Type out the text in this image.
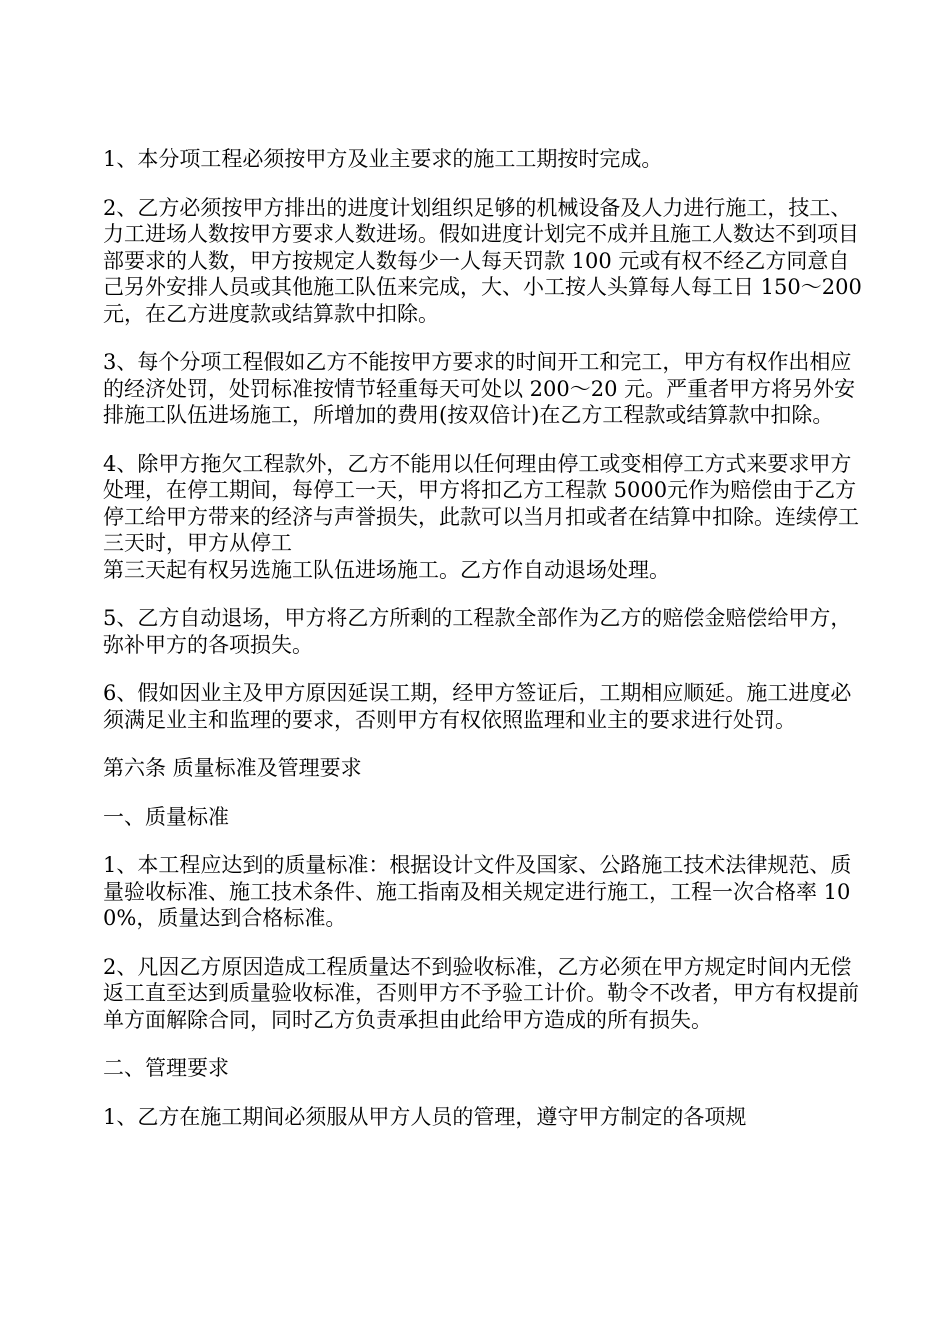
1、本分项工程必须按甲方及业主要求的施工工期按时完成。

2、乙方必须按甲方排出的进度计划组织足够的机械设备及人力进行施工，技工、力工进场人数按甲方要求人数进场。假如进度计划完不成并且施工人数达不到项目部要求的人数，甲方按规定人数每少一人每天罚款 100 元或有权不经乙方同意自己另外安排人员或其他施工队伍来完成，大、小工按人头算每人每工日 150～200 元，在乙方进度款或结算款中扣除。

3、每个分项工程假如乙方不能按甲方要求的时间开工和完工，甲方有权作出相应的经济处罚，处罚标准按情节轻重每天可处以 200～20 元。严重者甲方将另外安排施工队伍进场施工，所增加的费用(按双倍计)在乙方工程款或结算款中扣除。

4、除甲方拖欠工程款外，乙方不能用以任何理由停工或变相停工方式来要求甲方处理，在停工期间，每停工一天，甲方将扣乙方工程款 5000元作为赔偿由于乙方停工给甲方带来的经济与声誉损失，此款可以当月扣或者在结算中扣除。连续停工三天时，甲方从停工
第三天起有权另选施工队伍进场施工。乙方作自动退场处理。

5、乙方自动退场，甲方将乙方所剩的工程款全部作为乙方的赔偿金赔偿给甲方，弥补甲方的各项损失。

6、假如因业主及甲方原因延误工期，经甲方签证后，工期相应顺延。施工进度必须满足业主和监理的要求，否则甲方有权依照监理和业主的要求进行处罚。

第六条 质量标准及管理要求

一、质量标准

1、本工程应达到的质量标准：根据设计文件及国家、公路施工技术法律规范、质量验收标准、施工技术条件、施工指南及相关规定进行施工，工程一次合格率 100%，质量达到合格标准。

2、凡因乙方原因造成工程质量达不到验收标准，乙方必须在甲方规定时间内无偿返工直至达到质量验收标准，否则甲方不予验工计价。勒令不改者，甲方有权提前单方面解除合同，同时乙方负责承担由此给甲方造成的所有损失。

二、管理要求

1、乙方在施工期间必须服从甲方人员的管理，遵守甲方制定的各项规
